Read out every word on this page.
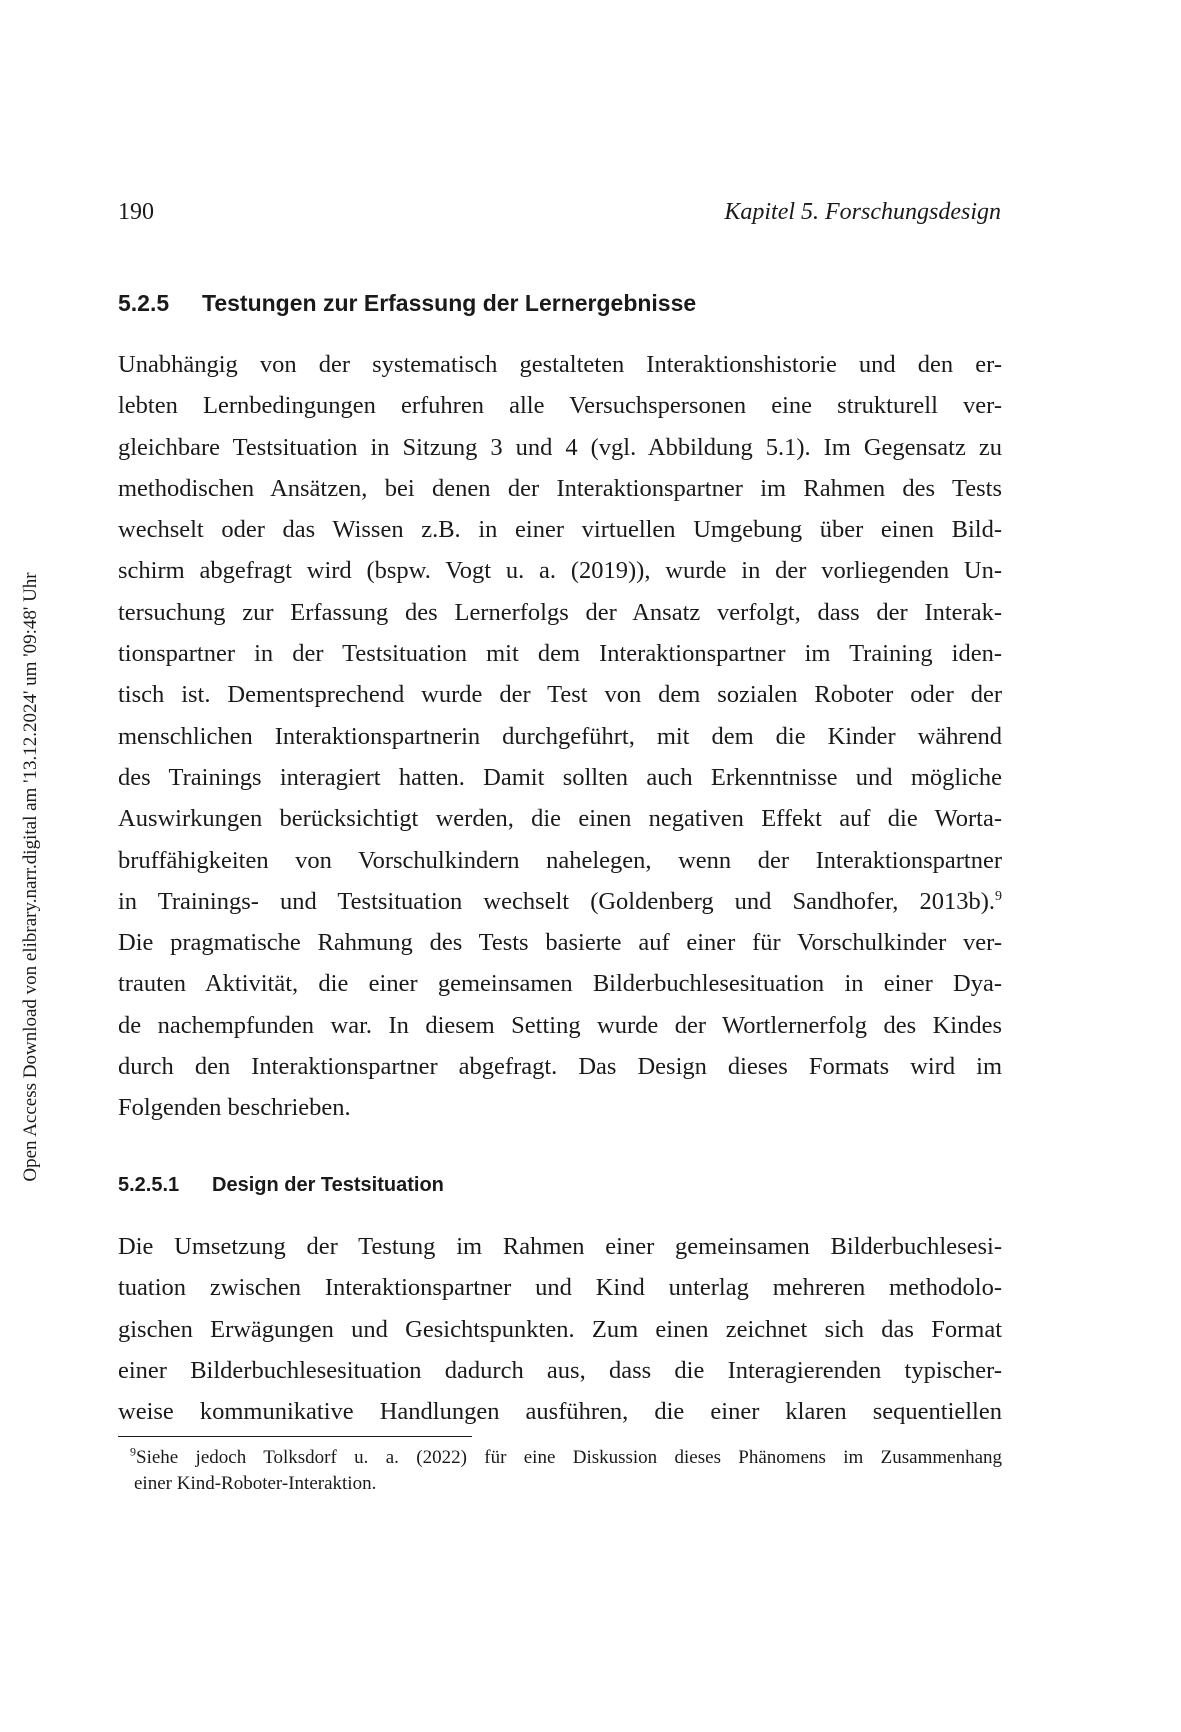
190	Kapitel 5. Forschungsdesign
Open Access Download von elibrary.narr.digital am '13.12.2024' um '09:48' Uhr
5.2.5 Testungen zur Erfassung der Lernergebnisse
Unabhängig von der systematisch gestalteten Interaktionshistorie und den er-
lebten Lernbedingungen erfuhren alle Versuchspersonen eine strukturell ver-
gleichbare Testsituation in Sitzung 3 und 4 (vgl. Abbildung 5.1). Im Gegensatz zu
methodischen Ansätzen, bei denen der Interaktionspartner im Rahmen des Tests
wechselt oder das Wissen z.B. in einer virtuellen Umgebung über einen Bild-
schirm abgefragt wird (bspw. Vogt u. a. (2019)), wurde in der vorliegenden Un-
tersuchung zur Erfassung des Lernerfolgs der Ansatz verfolgt, dass der Interak-
tionspartner in der Testsituation mit dem Interaktionspartner im Training iden-
tisch ist. Dementsprechend wurde der Test von dem sozialen Roboter oder der
menschlichen Interaktionspartnerin durchgeführt, mit dem die Kinder während
des Trainings interagiert hatten. Damit sollten auch Erkenntnisse und mögliche
Auswirkungen berücksichtigt werden, die einen negativen Effekt auf die Worta-
bruffähigkeiten von Vorschulkindern nahelegen, wenn der Interaktionspartner
in Trainings- und Testsituation wechselt (Goldenberg und Sandhofer, 2013b).$^9$
Die pragmatische Rahmung des Tests basierte auf einer für Vorschulkinder ver-
trauten Aktivität, die einer gemeinsamen Bilderbuchlesesituation in einer Dya-
de nachempfunden war. In diesem Setting wurde der Wortlernerfolg des Kindes
durch den Interaktionspartner abgefragt. Das Design dieses Formats wird im
Folgenden beschrieben.
5.2.5.1 Design der Testsituation
Die Umsetzung der Testung im Rahmen einer gemeinsamen Bilderbuchlesesi-
tuation zwischen Interaktionspartner und Kind unterlag mehreren methodolo-
gischen Erwägungen und Gesichtspunkten. Zum einen zeichnet sich das Format
einer Bilderbuchlesesituation dadurch aus, dass die Interagierenden typischer-
weise kommunikative Handlungen ausführen, die einer klaren sequentiellen
$^9$Siehe jedoch Tolksdorf u. a. (2022) für eine Diskussion dieses Phänomens im Zusammenhang
einer Kind-Roboter-Interaktion.
